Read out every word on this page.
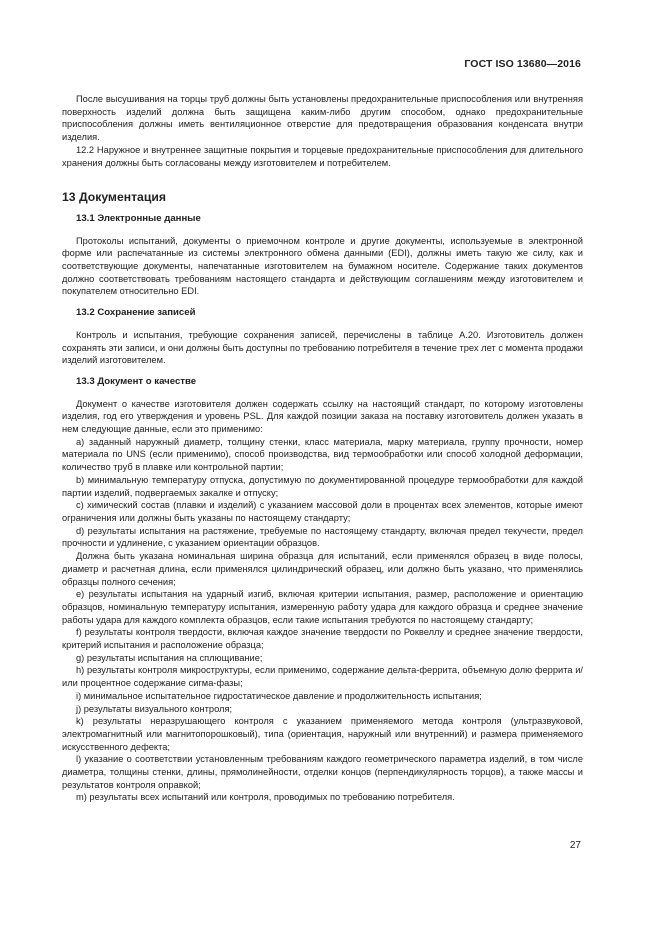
ГОСТ ISO 13680—2016

После высушивания на торцы труб должны быть установлены предохранительные приспособления или внутренняя поверхность изделий должна быть защищена каким-либо другим способом, однако предохранительные приспособления должны иметь вентиляционное отверстие для предотвращения образования конденсата внутри изделия.

12.2 Наружное и внутреннее защитные покрытия и торцевые предохранительные приспособления для длительного хранения должны быть согласованы между изготовителем и потребителем.

13 Документация
13.1 Электронные данные

Протоколы испытаний, документы о приемочном контроле и другие документы, используемые в электронной форме или распечатанные из системы электронного обмена данными (EDI), должны иметь такую же силу, как и соответствующие документы, напечатанные изготовителем на бумажном носителе. Содержание таких документов должно соответствовать требованиям настоящего стандарта и действующим соглашениям между изготовителем и покупателем относительно EDI.

13.2 Сохранение записей

Контроль и испытания, требующие сохранения записей, перечислены в таблице A.20. Изготовитель должен сохранять эти записи, и они должны быть доступны по требованию потребителя в течение трех лет с момента продажи изделий изготовителем.

13.3 Документ о качестве

Документ о качестве изготовителя должен содержать ссылку на настоящий стандарт, по которому изготовлены изделия, год его утверждения и уровень PSL. Для каждой позиции заказа на поставку изготовитель должен указать в нем следующие данные, если это применимо:

а) заданный наружный диаметр, толщину стенки, класс материала, марку материала, группу прочности, номер материала по UNS (если применимо), способ производства, вид термообработки или способ холодной деформации, количество труб в плавке или контрольной партии;

b) минимальную температуру отпуска, допустимую по документированной процедуре термообработки для каждой партии изделий, подвергаемых закалке и отпуску;

с) химический состав (плавки и изделий) с указанием массовой доли в процентах всех элементов, которые имеют ограничения или должны быть указаны по настоящему стандарту;

d) результаты испытания на растяжение, требуемые по настоящему стандарту, включая предел текучести, предел прочности и удлинение, с указанием ориентации образцов.

Должна быть указана номинальная ширина образца для испытаний, если применялся образец в виде полосы, диаметр и расчетная длина, если применялся цилиндрический образец, или должно быть указано, что применялись образцы полного сечения;

е) результаты испытания на ударный изгиб, включая критерии испытания, размер, расположение и ориентацию образцов, номинальную температуру испытания, измеренную работу удара для каждого образца и среднее значение работы удара для каждого комплекта образцов, если такие испытания требуются по настоящему стандарту;

f) результаты контроля твердости, включая каждое значение твердости по Роквеллу и среднее значение твердости, критерий испытания и расположение образца;

g) результаты испытания на сплющивание;

h) результаты контроля микроструктуры, если применимо, содержание дельта-феррита, объемную долю феррита и/или процентное содержание сигма-фазы;

i) минимальное испытательное гидростатическое давление и продолжительность испытания;

j) результаты визуального контроля;

k) результаты неразрушающего контроля с указанием применяемого метода контроля (ультразвуковой, электромагнитный или магнитопорошковый), типа (ориентация, наружный или внутренний) и размера применяемого искусственного дефекта;

l) указание о соответствии установленным требованиям каждого геометрического параметра изделий, в том числе диаметра, толщины стенки, длины, прямолинейности, отделки концов (перпендикулярность торцов), а также массы и результатов контроля оправкой;

m) результаты всех испытаний или контроля, проводимых по требованию потребителя.

27
